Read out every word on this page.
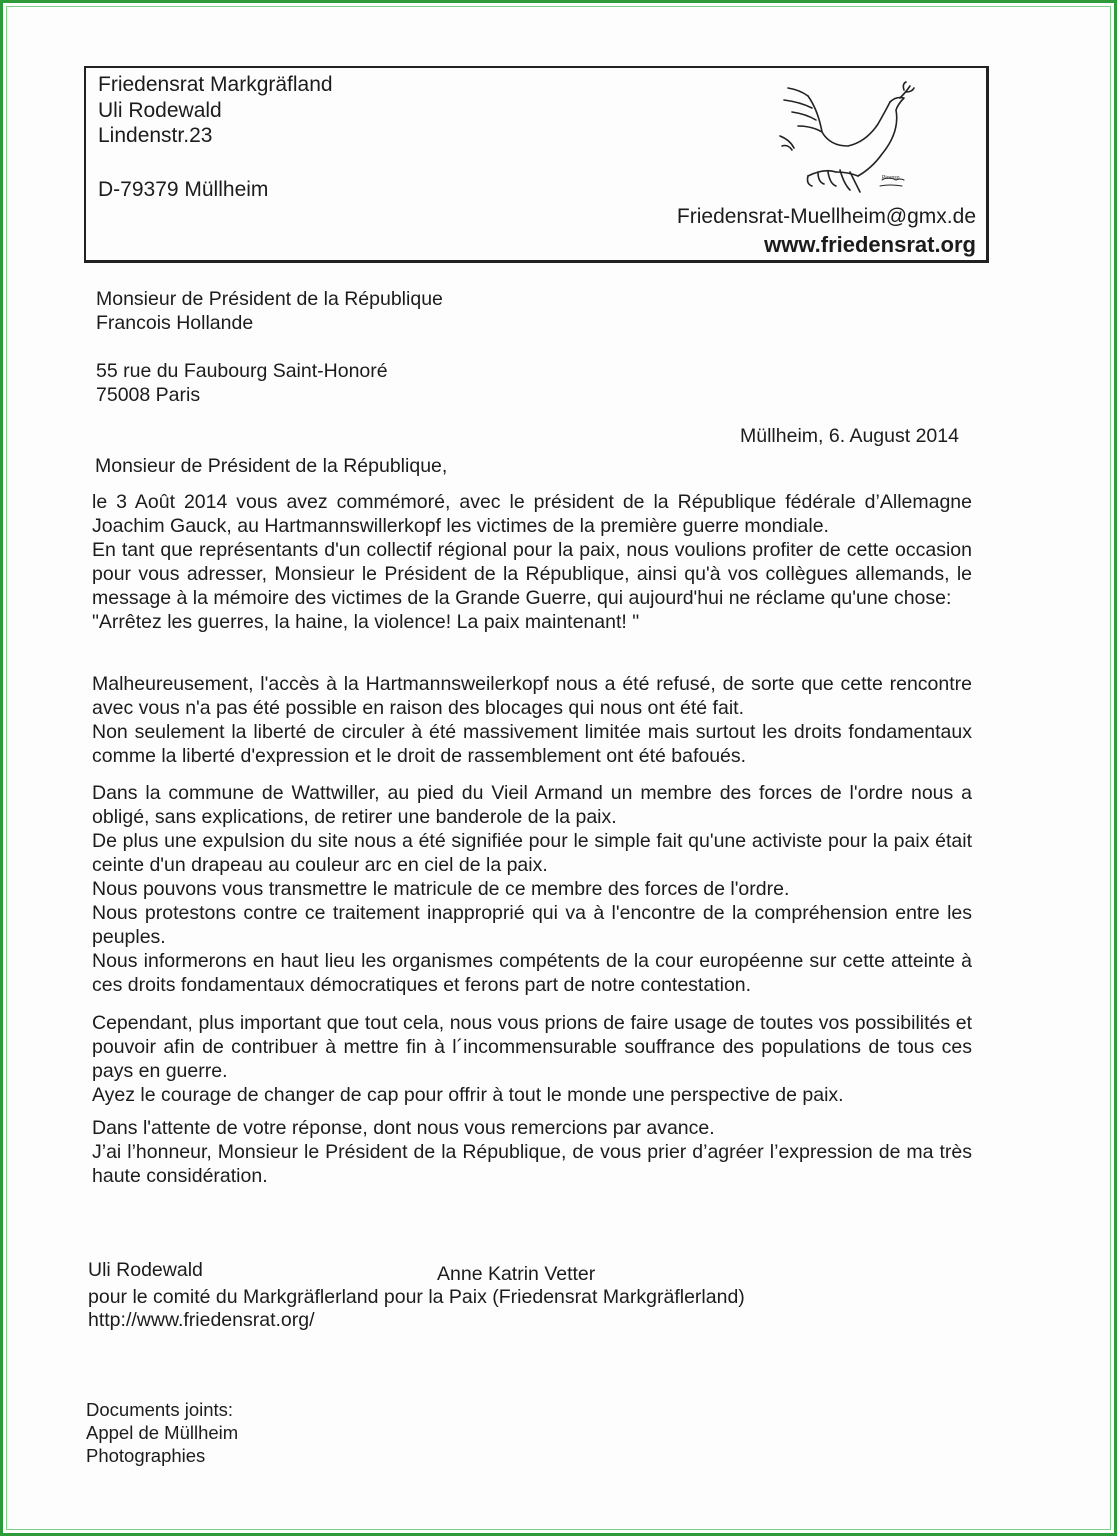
Friedensrat Markgräfland
Uli Rodewald
Lindenstr.23
D-79379 Müllheim	Picasso
Friedensrat-Muellheim@gmx.de
www.friedensrat.org
Monsieur de Président de la République
Francois Hollande
55 rue du Faubourg Saint-Honoré
75008 Paris
Müllheim, 6. August 2014
Monsieur de Président de la République,

le 3 Août 2014 vous avez commémoré, avec le président de la République fédérale d’Allemagne Joachim Gauck, au Hartmannswillerkopf les victimes de la première guerre mondiale.

En tant que représentants d'un collectif régional pour la paix, nous voulions profiter de cette occasion pour vous adresser, Monsieur le Président de la République, ainsi qu'à vos collègues allemands, le message à la mémoire des victimes de la Grande Guerre, qui aujourd'hui ne réclame qu'une chose:

"Arrêtez les guerres, la haine, la violence! La paix maintenant! "

Malheureusement, l'accès à la Hartmannsweilerkopf nous a été refusé, de sorte que cette rencontre avec vous n'a pas été possible en raison des blocages qui nous ont été fait.

Non seulement la liberté de circuler à été massivement limitée mais surtout les droits fondamentaux comme la liberté d'expression et le droit de rassemblement ont été bafoués.

Dans la commune de Wattwiller, au pied du Vieil Armand un membre des forces de l'ordre nous a obligé, sans explications, de retirer une banderole de la paix.

De plus une expulsion du site nous a été signifiée pour le simple fait qu'une activiste pour la paix était ceinte d'un drapeau au couleur arc en ciel de la paix.

Nous pouvons vous transmettre le matricule de ce membre des forces de l'ordre.

Nous protestons contre ce traitement inapproprié qui va à l'encontre de la compréhension entre les peuples.

Nous informerons en haut lieu les organismes compétents de la cour européenne sur cette atteinte à ces droits fondamentaux démocratiques et ferons part de notre contestation.

Cependant, plus important que tout cela, nous vous prions de faire usage de toutes vos possibilités et pouvoir afin de contribuer à mettre fin à l´incommensurable souffrance des populations de tous ces pays en guerre.

Ayez le courage de changer de cap pour offrir à tout le monde une perspective de paix.

Dans l'attente de votre réponse, dont nous vous remercions par avance.

J’ai l’honneur, Monsieur le Président de la République, de vous prier d’agréer l’expression de ma très haute considération.

Uli Rodewald	Anne Katrin Vetter
pour le comité du Markgräflerland pour la Paix (Friedensrat Markgräflerland)
http://www.friedensrat.org/
Documents joints:
Appel de Müllheim
Photographies
